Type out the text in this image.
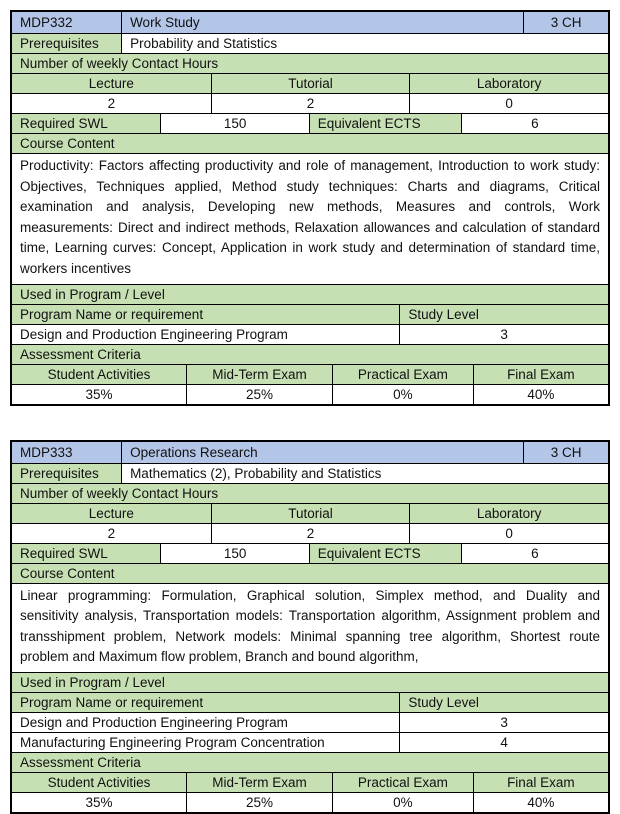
MDP332	Work Study	3 CH
Prerequisites	Probability and Statistics
Number of weekly Contact Hours
Lecture	Tutorial	Laboratory
2	2	0
Required SWL	150	Equivalent ECTS	6
Course Content
Productivity: Factors affecting productivity and role of management, Introduction to work study: Objectives, Techniques applied, Method study techniques: Charts and diagrams, Critical examination and analysis, Developing new methods, Measures and controls, Work measurements: Direct and indirect methods, Relaxation allowances and calculation of standard time, Learning curves: Concept, Application in work study and determination of standard time, workers incentives
Used in Program / Level
Program Name or requirement	Study Level
Design and Production Engineering Program	3
Assessment Criteria
Student Activities	Mid-Term Exam	Practical Exam	Final Exam
35%	25%	0%	40%
MDP333	Operations Research	3 CH
Prerequisites	Mathematics (2), Probability and Statistics
Number of weekly Contact Hours
Lecture	Tutorial	Laboratory
2	2	0
Required SWL	150	Equivalent ECTS	6
Course Content
Linear programming: Formulation, Graphical solution, Simplex method, and Duality and sensitivity analysis, Transportation models: Transportation algorithm, Assignment problem and transshipment problem, Network models: Minimal spanning tree algorithm, Shortest route problem and Maximum flow problem, Branch and bound algorithm,
Used in Program / Level
Program Name or requirement	Study Level
Design and Production Engineering Program	3
Manufacturing Engineering Program Concentration	4
Assessment Criteria
Student Activities	Mid-Term Exam	Practical Exam	Final Exam
35%	25%	0%	40%
